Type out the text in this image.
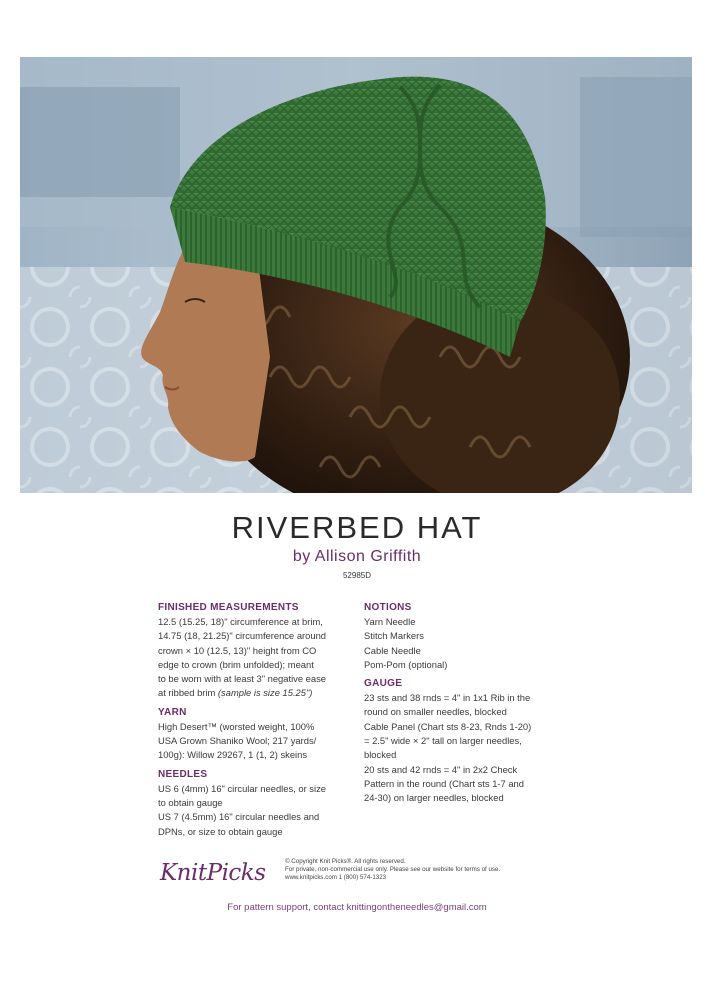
RIVERBED HAT
by Allison Griffith
52985D
FINISHED MEASUREMENTS

12.5 (15.25, 18)" circumference at brim,
14.75 (18, 21.25)" circumference around
crown × 10 (12.5, 13)" height from CO
edge to crown (brim unfolded); meant
to be worn with at least 3" negative ease
at ribbed brim (sample is size 15.25")

YARN

High Desert™ (worsted weight, 100%
USA Grown Shaniko Wool; 217 yards/
100g): Willow 29267, 1 (1, 2) skeins

NEEDLES

US 6 (4mm) 16" circular needles, or size
to obtain gauge
US 7 (4.5mm) 16" circular needles and
DPNs, or size to obtain gauge

NOTIONS

Yarn Needle
Stitch Markers
Cable Needle
Pom-Pom (optional)

GAUGE

23 sts and 38 rnds = 4" in 1x1 Rib in the
round on smaller needles, blocked
Cable Panel (Chart sts 8-23, Rnds 1-20)
= 2.5" wide × 2" tall on larger needles,
blocked
20 sts and 42 rnds = 4" in 2x2 Check
Pattern in the round (Chart sts 1-7 and
24-30) on larger needles, blocked

KnitPicks	© Copyright Knit Picks®. All rights reserved.
For private, non-commercial use only. Please see our website for terms of use.
www.knitpicks.com 1 (800) 574-1323
For pattern support, contact knittingontheneedles@gmail.com
